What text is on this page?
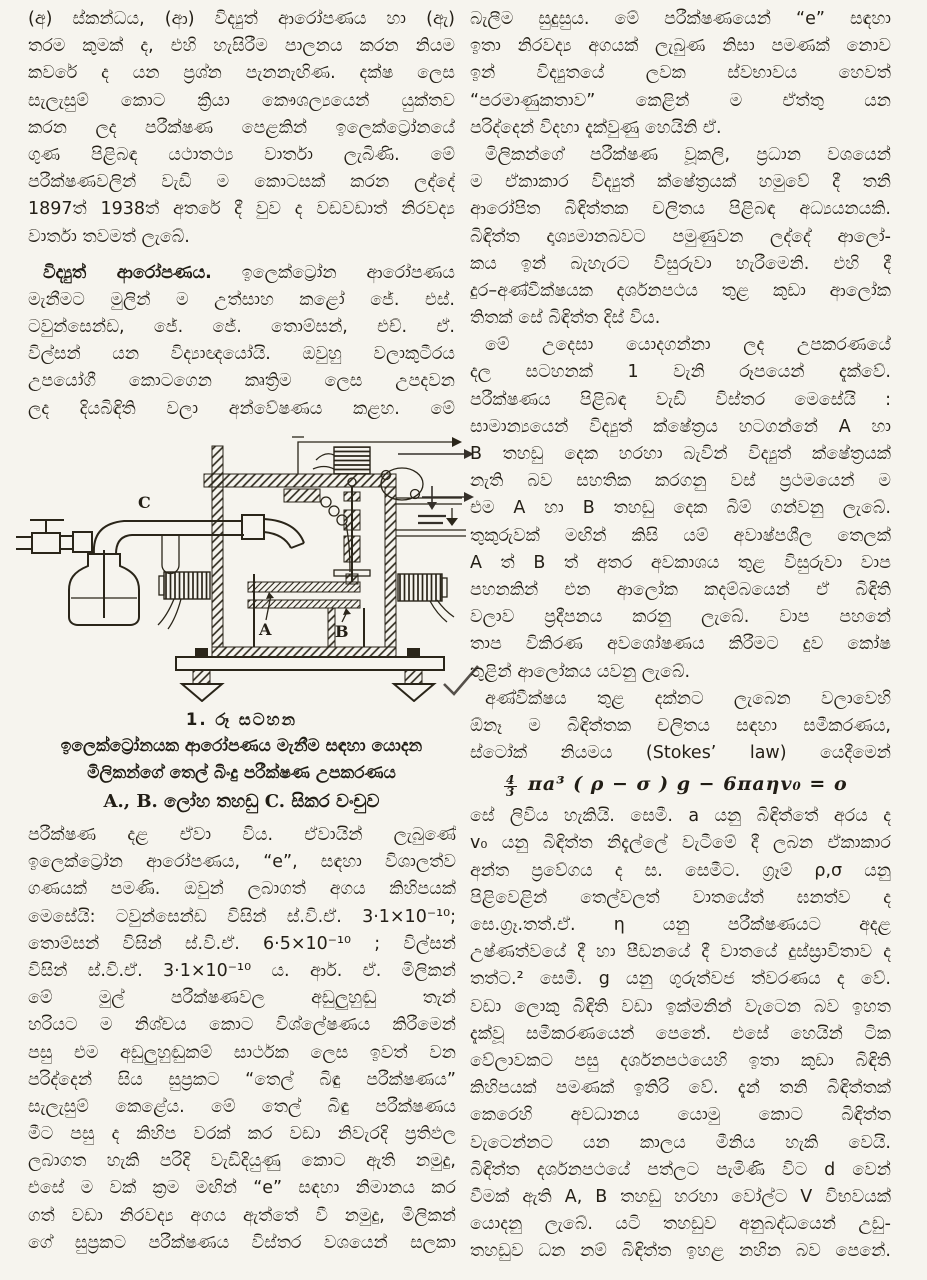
(අ) ස්කන්ධය, (ආ) විද්‍යුත් ආරෝපණය හා (ඇ)
තරම කුමක් ද, එහි හැසිරීම පාලනය කරන නියම
කවරේ ද යන ප්‍රශ්න පැනනැඟිණ. දක්ෂ ලෙස
සැලැසුම් කොට ක්‍රියා කෞශල්‍යයෙන් යුක්තව
කරන ලද පරීක්ෂණ පෙළකින් ඉලෙක්ට්‍රෝනයේ
ගුණ පිළිබඳ යථාතථ්‍ය වාර්තා ලැබිණි. මේ
පරීක්ෂණවලින් වැඩි ම කොටසක් කරන ලද්දේ
1897ත් 1938ත් අතරේ දී වුව ද වඩවඩාත් නිරවද්‍ය
වාර්තා තවමත් ලැබේ.
විද්‍යුත් ආරෝපණය. ඉලෙක්ට්‍රෝන ආරෝපණය
මැනීමට මුලින් ම උත්සාහ කළෝ ජේ. එස්.
ටවුන්සෙන්ඩ, ජේ. ජේ. තොම්සන්, එච්. ඒ.
විල්සන් යන විද්‍යාඥයෝයි. ඔවුහු වලාකුටීරය
උපයෝගී කොටගෙන කෘත්‍රිම ලෙස උපදවන
ලද දියබිඳිති වලා අන්වේෂණය කළහ. මේ
C
A	B
1. රූ සටහන
ඉලෙක්ට්‍රෝනයක ආරෝපණය මැනීම සඳහා යොදන
මිලිකන්ගේ තෙල් බිංදු පරීක්ෂණ උපකරණය
A., B. ලෝහ තහඩු C. සිකර වංචුව
පරීක්ෂණ දළ ඒවා විය. ඒවායින් ලැබුණේ
ඉලෙක්ට්‍රෝන ආරෝපණය, “e”, සඳහා විශාලත්ව
ගණයක් පමණි. ඔවුන් ලබාගත් අගය කිහිපයක්
මෙසේයි: ටවුන්සෙන්ඩ විසින් ස්.වි.ඒ. 3·1×10⁻¹⁰;
තොම්සන් විසින් ස්.වි.ඒ. 6·5×10⁻¹⁰ ; විල්සන්
විසින් ස්.වි.ඒ. 3·1×10⁻¹⁰ ය. ආර්. ඒ. මිලිකන්
මේ මුල් පරීක්ෂණවල අඩුලුහුඬු තැන්
හරියට ම නිශ්චය කොට විශ්ලේෂණය කිරීමෙන්
පසු එම අඩුලුහුඬුකම් සාර්ථක ලෙස ඉවත් වන
පරිද්දෙන් සිය සුප්‍රකට “තෙල් බිඳු පරීක්ෂණය”
සැලැසුම් කෙළේය. මේ තෙල් බිඳු පරීක්ෂණය
මීට පසු ද කිහිප වරක් කර වඩා නිවැරදි ප්‍රතිඵල
ලබාගත හැකි පරිදි වැඩිදියුණු කොට ඇති නමුදු,
එසේ ම වක් ක්‍රම මඟින් “e” සඳහා නිමානය කර
ගත් වඩා නිරවද්‍ය අගය ඇත්තේ වී නමුදු, මිලිකන්
ගේ සුප්‍රකට පරීක්ෂණය විස්තර වශයෙන් සලකා
බැලීම සුදුසුය. මේ පරීක්ෂණයෙන් “e” සඳහා
ඉතා නිරවද්‍ය අගයක් ලැබුණ නිසා පමණක් නොව
ඉන් විද්‍යුතයේ ලවක ස්වභාවය හෙවත්
“පරමාණුකතාව” කෙළින් ම ඒත්තු යන
පරිද්දෙන් විදහා දැක්වුණු හෙයිනි ඒ.
මිලිකන්ගේ පරීක්ෂණ වූකලි, ප්‍රධාන වශයෙන්
ම ඒකාකාර විද්‍යුත් ක්ෂේත්‍රයක් හමුවේ දී තනි
ආරෝපිත බිඳිත්තක චලිතය පිළිබඳ අධ්‍යයනයකි.
බිඳිත්ත දෘශ්‍යමානබවට පමුණුවන ලද්දේ ආලෝ-
කය ඉන් බැහැරට විසුරුවා හැරීමෙනි. එහි දී
දුර–අණ්වීක්ෂයක දර්ශනපථය තුළ කුඩා ආලෝක
තිතක් සේ බිඳිත්ත දිස් විය.
මේ උදෙසා යොදගන්නා ලද උපකරණයේ
දල සටහනක් 1 වැනි රූපයෙන් දැක්වේ.
පරීක්ෂණය පිළිබඳ වැඩි විස්තර මෙසේයි :
සාමාන්‍යයෙන් විද්‍යුත් ක්ෂේත්‍රය හටගන්නේ A හා
B තහඩු දෙක හරහා බැවින් විද්‍යුත් ක්ෂේත්‍රයක්
නැති බව සහතික කරගනු වස් ප්‍රථමයෙන් ම
එම A හා B තහඩු දෙක බිම් ගන්වනු ලැබේ.
තුකුරුවක් මඟින් කිසි යම් අවාෂ්පශීල තෙලක්
A ත් B ත් අතර අවකාශය තුළ විසුරුවා වාප
පහනකින් එන ආලෝක කදම්බයෙන් ඒ බිඳිති
වලාව ප්‍රදීපනය කරනු ලැබේ. වාප පහනේ
තාප විකිරණ අවශෝෂණය කිරීමට දුව කෝෂ
තුළින් ආලෝකය යවනු ලැබේ.
අණ්වීක්ෂය තුළ දක්නට ලැබෙන වලාවෙහි
ඕනෑ ම බිඳිත්තක චලිතය සඳහා සමීකරණය,
ස්ටෝක් නියමය (Stokes’ law) යෙදීමෙන්
$\frac{4}{3} \pi a^3$ ( ρ − σ ) g − 6πaηv₀ = o
සේ ලිවිය හැකියි. සෙමී. a යනු බිඳිත්තේ අරය ද
v₀ යනු බිඳිත්ත නිදැල්ලේ වැටීමේ දී ලබන ඒකාකාර
අන්ත ප්‍රවේගය ද ස. සෙමීට. ග්‍රෑම් ρ,σ යනු
පිළිවෙළින් තෙල්වලත් වාතයේත් ඝනත්ව ද
සෙ.ග්‍රෑ.තත්.ඒ. η යනු පරීක්ෂණයට අදළ
උෂ්ණත්වයේ දී හා පීඩනයේ දී වාතයේ දුස්ස්‍රාවිතාව ද
තත්ට.² සෙමී. g යනු ගුරුත්වජ ත්වරණය ද වේ.
වඩා ලොකු බිඳිති වඩා ඉක්මනින් වැටෙන බව ඉහත
දැක්වූ සමීකරණයෙන් පෙනේ. එසේ හෙයින් ටික
වේලාවකට පසු දර්ශනපථයෙහි ඉතා කුඩා බිඳිති
කිහිපයක් පමණක් ඉතිරි වේ. දැන් තනි බිඳිත්තක්
කෙරෙහි අවධානය යොමු කොට බිඳිත්ත
වැටෙන්නට යන කාලය මීනිය හැකි වෙයි.
බිඳිත්ත දර්ශනපථයේ පත්ලට පැමිණි විට d වෙන්
වීමක් ඇති A, B තහඩු හරහා වෝල්ට V විභවයක්
යොදනු ලැබේ. යටි තහඩුව අනුබද්ධයෙන් උඩු-
තහඩුව ධන නම් බිඳිත්ත ඉහළ නහින බව පෙනේ.
